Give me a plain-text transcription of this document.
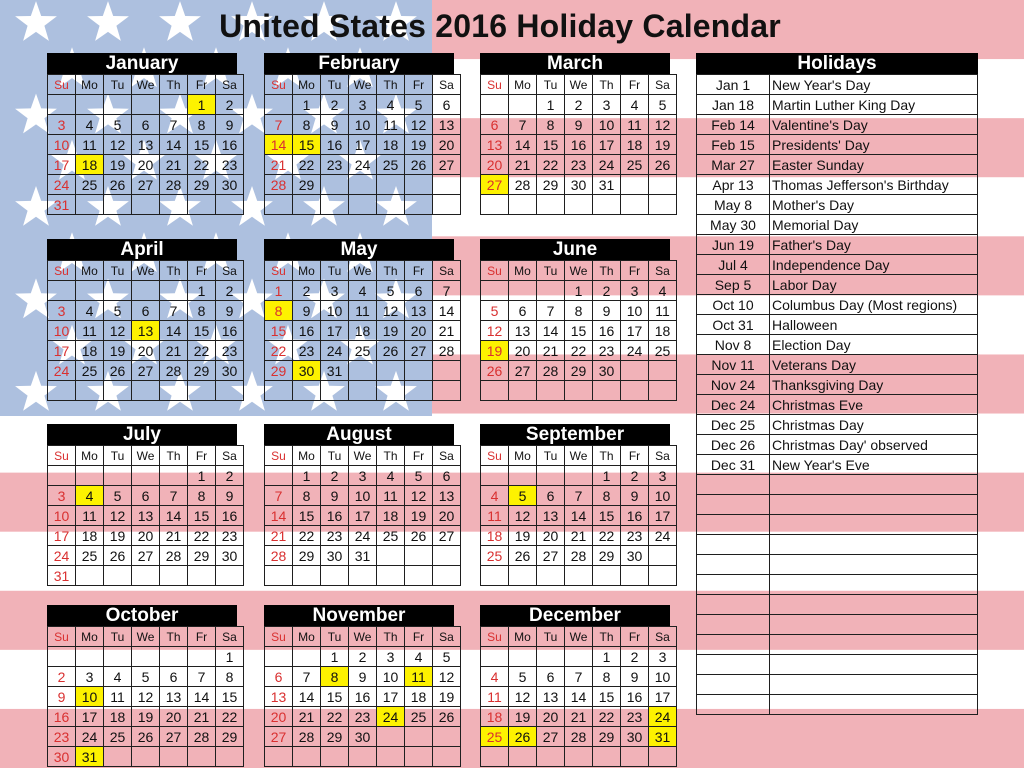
United States 2016 Holiday Calendar
January
Su	Mo	Tu	We	Th	Fr	Sa
					1	2
3	4	5	6	7	8	9
10	11	12	13	14	15	16
17	18	19	20	21	22	23
24	25	26	27	28	29	30
31						
February
Su	Mo	Tu	We	Th	Fr	Sa
	1	2	3	4	5	6
7	8	9	10	11	12	13
14	15	16	17	18	19	20
21	22	23	24	25	26	27
28	29					

March
Su	Mo	Tu	We	Th	Fr	Sa
		1	2	3	4	5
6	7	8	9	10	11	12
13	14	15	16	17	18	19
20	21	22	23	24	25	26
27	28	29	30	31		

April
Su	Mo	Tu	We	Th	Fr	Sa
					1	2
3	4	5	6	7	8	9
10	11	12	13	14	15	16
17	18	19	20	21	22	23
24	25	26	27	28	29	30

May
Su	Mo	Tu	We	Th	Fr	Sa
1	2	3	4	5	6	7
8	9	10	11	12	13	14
15	16	17	18	19	20	21
22	23	24	25	26	27	28
29	30	31				

June
Su	Mo	Tu	We	Th	Fr	Sa
			1	2	3	4
5	6	7	8	9	10	11
12	13	14	15	16	17	18
19	20	21	22	23	24	25
26	27	28	29	30		

July
Su	Mo	Tu	We	Th	Fr	Sa
					1	2
3	4	5	6	7	8	9
10	11	12	13	14	15	16
17	18	19	20	21	22	23
24	25	26	27	28	29	30
31						
August
Su	Mo	Tu	We	Th	Fr	Sa
	1	2	3	4	5	6
7	8	9	10	11	12	13
14	15	16	17	18	19	20
21	22	23	24	25	26	27
28	29	30	31			

September
Su	Mo	Tu	We	Th	Fr	Sa
				1	2	3
4	5	6	7	8	9	10
11	12	13	14	15	16	17
18	19	20	21	22	23	24
25	26	27	28	29	30	

October
Su	Mo	Tu	We	Th	Fr	Sa
						1
2	3	4	5	6	7	8
9	10	11	12	13	14	15
16	17	18	19	20	21	22
23	24	25	26	27	28	29
30	31					
November
Su	Mo	Tu	We	Th	Fr	Sa
		1	2	3	4	5
6	7	8	9	10	11	12
13	14	15	16	17	18	19
20	21	22	23	24	25	26
27	28	29	30			

December
Su	Mo	Tu	We	Th	Fr	Sa
				1	2	3
4	5	6	7	8	9	10
11	12	13	14	15	16	17
18	19	20	21	22	23	24
25	26	27	28	29	30	31

Holidays
Jan 1	New Year's Day
Jan 18	Martin Luther King Day
Feb 14	Valentine's Day
Feb 15	Presidents' Day
Mar 27	Easter Sunday
Apr 13	Thomas Jefferson's Birthday
May 8	Mother's Day
May 30	Memorial Day
Jun 19	Father's Day
Jul 4	Independence Day
Sep 5	Labor Day
Oct 10	Columbus Day (Most regions)
Oct 31	Halloween
Nov 8	Election Day
Nov 11	Veterans Day
Nov 24	Thanksgiving Day
Dec 24	Christmas Eve
Dec 25	Christmas Day
Dec 26	Christmas Day' observed
Dec 31	New Year's Eve
